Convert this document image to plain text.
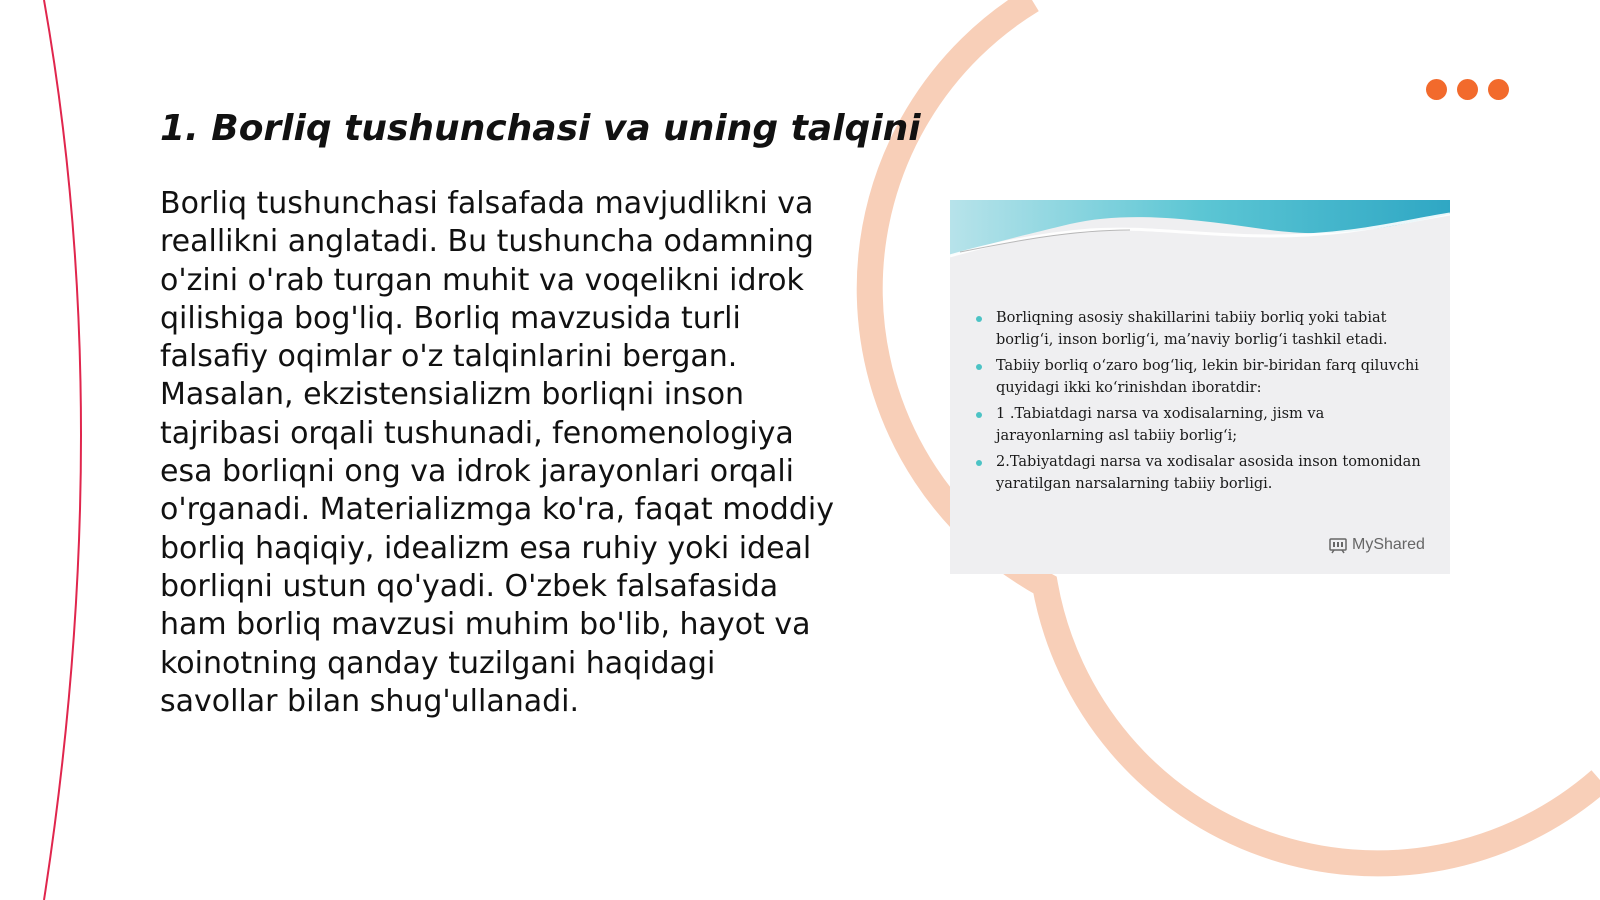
1. Borliq tushunchasi va uning talqini

Borliq tushunchasi falsafada mavjudlikni va reallikni anglatadi. Bu tushuncha odamning o'zini o'rab turgan muhit va voqelikni idrok qilishiga bog'liq. Borliq mavzusida turli falsafiy oqimlar o'z talqinlarini bergan. Masalan, ekzistensializm borliqni inson tajribasi orqali tushunadi, fenomenologiya esa borliqni ong va idrok jarayonlari orqali o'rganadi. Materializmga ko'ra, faqat moddiy borliq haqiqiy, idealizm esa ruhiy yoki ideal borliqni ustun qo'yadi. O'zbek falsafasida ham borliq mavzusi muhim bo'lib, hayot va koinotning qanday tuzilgani haqidagi savollar bilan shug'ullanadi.

Borliqning asosiy shakillarini tabiiy borliq yoki tabiat borlig‘i, inson borlig‘i, ma’naviy borlig‘i tashkil etadi.
Tabiiy borliq o‘zaro bog‘liq, lekin bir-biridan farq qiluvchi quyidagi ikki ko‘rinishdan iboratdir:
1 .Tabiatdagi narsa va xodisalarning, jism va jarayonlarning asl tabiiy borlig‘i;
2.Tabiyatdagi narsa va xodisalar asosida inson tomonidan yaratilgan narsalarning tabiiy borligi.
MyShared
